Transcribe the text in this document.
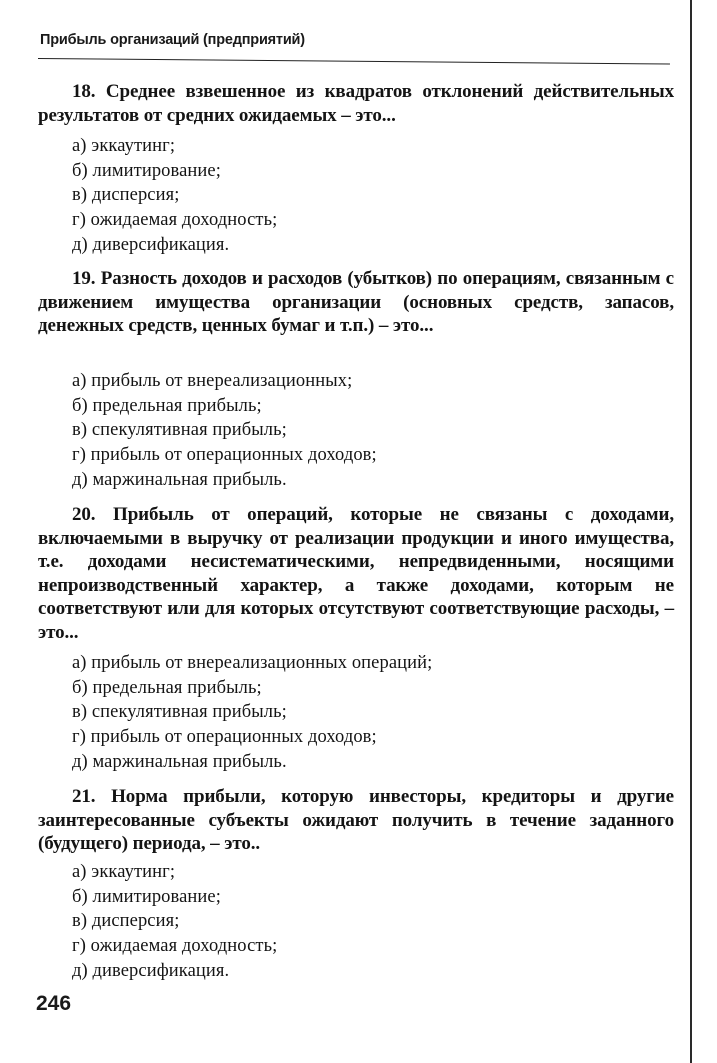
Прибыль организаций (предприятий)
18. Среднее взвешенное из квадратов отклонений действительных результатов от средних ожидаемых – это...
а) эккаутинг;
б) лимитирование;
в) дисперсия;
г) ожидаемая доходность;
д) диверсификация.
19. Разность доходов и расходов (убытков) по операциям, связанным с движением имущества организации (основных средств, запасов, денежных средств, ценных бумаг и т.п.) – это...
а) прибыль от внереализационных;
б) предельная прибыль;
в) спекулятивная прибыль;
г) прибыль от операционных доходов;
д) маржинальная прибыль.
20. Прибыль от операций, которые не связаны с доходами, включаемыми в выручку от реализации продукции и иного имущества, т.е. доходами несистематическими, непредвиденными, носящими непроизводственный характер, а также доходами, которым не соответствуют или для которых отсутствуют соответствующие расходы, – это...
а) прибыль от внереализационных операций;
б) предельная прибыль;
в) спекулятивная прибыль;
г) прибыль от операционных доходов;
д) маржинальная прибыль.
21. Норма прибыли, которую инвесторы, кредиторы и другие заинтересованные субъекты ожидают получить в течение заданного (будущего) периода, – это..
а) эккаутинг;
б) лимитирование;
в) дисперсия;
г) ожидаемая доходность;
д) диверсификация.
246
